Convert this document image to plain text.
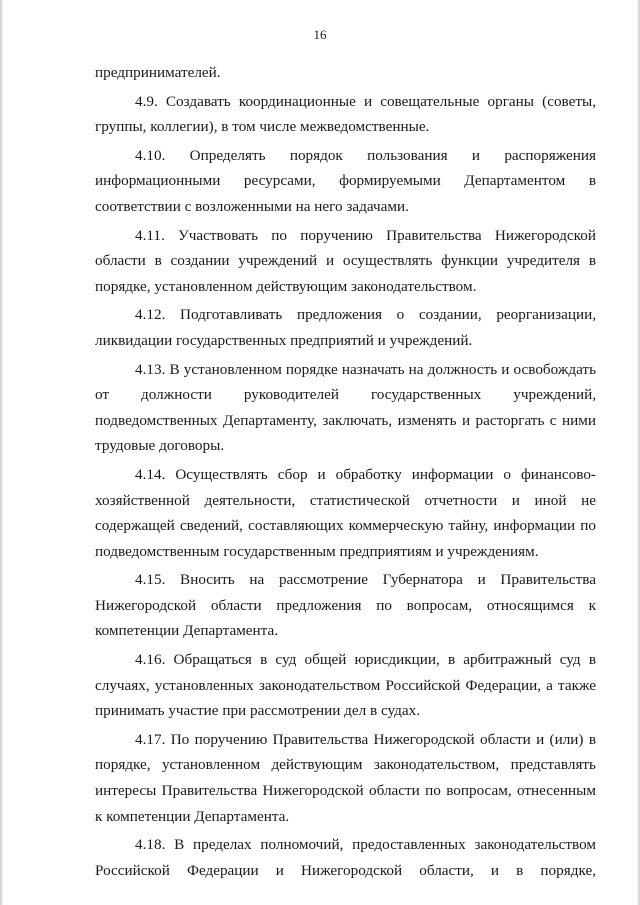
16

предпринимателей.

4.9. Создавать координационные и совещательные органы (советы, группы, коллегии), в том числе межведомственные.

4.10. Определять порядок пользования и распоряжения информационными ресурсами, формируемыми Департаментом в соответствии с возложенными на него задачами.

4.11. Участвовать по поручению Правительства Нижегородской области в создании учреждений и осуществлять функции учредителя в порядке, установленном действующим законодательством.

4.12. Подготавливать предложения о создании, реорганизации, ликвидации государственных предприятий и учреждений.

4.13. В установленном порядке назначать на должность и освобождать от должности руководителей государственных учреждений, подведомственных Департаменту, заключать, изменять и расторгать с ними трудовые договоры.

4.14. Осуществлять сбор и обработку информации о финансово-хозяйственной деятельности, статистической отчетности и иной не содержащей сведений, составляющих коммерческую тайну, информации по подведомственным государственным предприятиям и учреждениям.

4.15. Вносить на рассмотрение Губернатора и Правительства Нижегородской области предложения по вопросам, относящимся к компетенции Департамента.

4.16. Обращаться в суд общей юрисдикции, в арбитражный суд в случаях, установленных законодательством Российской Федерации, а также принимать участие при рассмотрении дел в судах.

4.17. По поручению Правительства Нижегородской области и (или) в порядке, установленном действующим законодательством, представлять интересы Правительства Нижегородской области по вопросам, отнесенным к компетенции Департамента.

4.18. В пределах полномочий, предоставленных законодательством Российской Федерации и Нижегородской области, и в порядке,
